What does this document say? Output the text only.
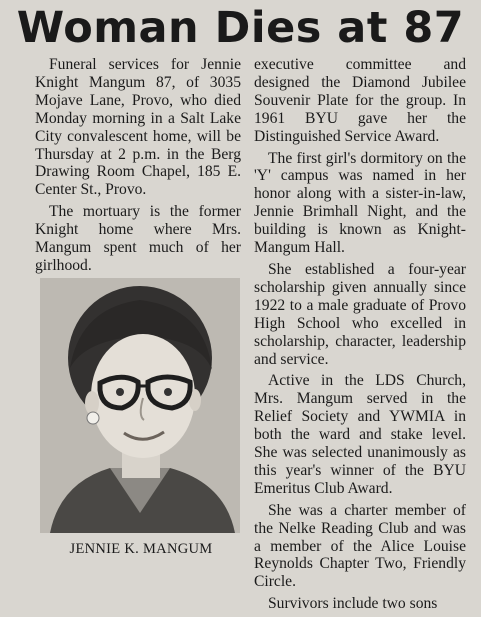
Woman Dies at 87

Funeral services for Jennie Knight Mangum 87, of 3035 Mojave Lane, Provo, who died Monday morning in a Salt Lake City convalescent home, will be Thursday at 2 p.m. in the Berg Drawing Room Chapel, 185 E. Center St., Provo.

The mortuary is the former Knight home where Mrs. Mangum spent much of her girlhood.

JENNIE K. MANGUM

executive committee and designed the Diamond Jubilee Souvenir Plate for the group. In 1961 BYU gave her the Distinguished Service Award.

The first girl's dormitory on the 'Y' campus was named in her honor along with a sister-in-law, Jennie Brimhall Night, and the building is known as Knight-Mangum Hall.

She established a four-year scholarship given annually since 1922 to a male graduate of Provo High School who excelled in scholarship, character, leadership and service.

Active in the LDS Church, Mrs. Mangum served in the Relief Society and YWMIA in both the ward and stake level. She was selected unanimously as this year's winner of the BYU Emeritus Club Award.

She was a charter member of the Nelke Reading Club and was a member of the Alice Louise Reynolds Chapter Two, Friendly Circle.

Survivors include two sons
